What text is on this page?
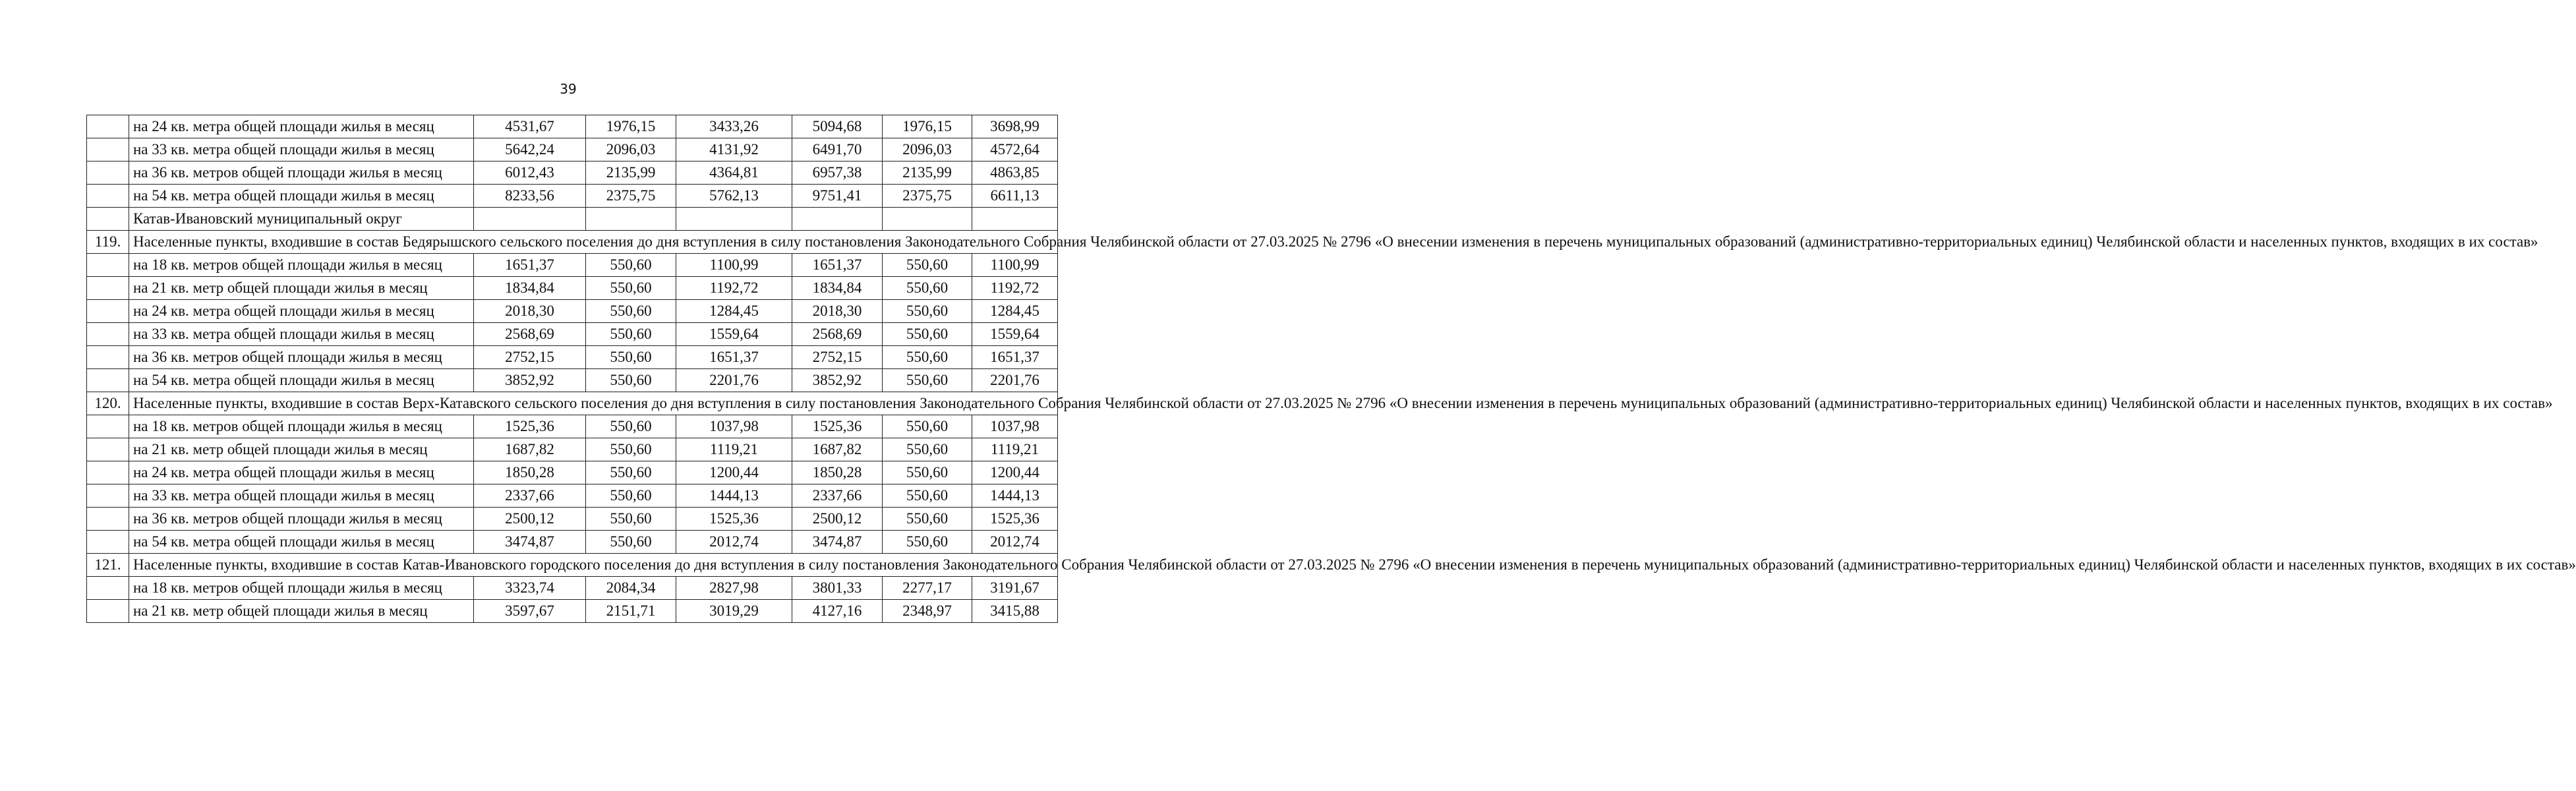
39
	на 24 кв. метра общей площади жилья в месяц	4531,67	1976,15	3433,26	5094,68	1976,15	3698,99
	на 33 кв. метра общей площади жилья в месяц	5642,24	2096,03	4131,92	6491,70	2096,03	4572,64
	на 36 кв. метров общей площади жилья в месяц	6012,43	2135,99	4364,81	6957,38	2135,99	4863,85
	на 54 кв. метра общей площади жилья в месяц	8233,56	2375,75	5762,13	9751,41	2375,75	6611,13
	Катав-Ивановский муниципальный округ						
119.	Населенные пункты, входившие в состав Бедярышского сельского поселения до дня вступления в силу постановления Законодательного Собрания Челябинской области от 27.03.2025 № 2796 «О внесении изменения в перечень муниципальных образований (административно-территориальных единиц) Челябинской области и населенных пунктов, входящих в их состав»						
	на 18 кв. метров общей площади жилья в месяц	1651,37	550,60	1100,99	1651,37	550,60	1100,99
	на 21 кв. метр общей площади жилья в месяц	1834,84	550,60	1192,72	1834,84	550,60	1192,72
	на 24 кв. метра общей площади жилья в месяц	2018,30	550,60	1284,45	2018,30	550,60	1284,45
	на 33 кв. метра общей площади жилья в месяц	2568,69	550,60	1559,64	2568,69	550,60	1559,64
	на 36 кв. метров общей площади жилья в месяц	2752,15	550,60	1651,37	2752,15	550,60	1651,37
	на 54 кв. метра общей площади жилья в месяц	3852,92	550,60	2201,76	3852,92	550,60	2201,76
120.	Населенные пункты, входившие в состав Верх-Катавского сельского поселения до дня вступления в силу постановления Законодательного Собрания Челябинской области от 27.03.2025 № 2796 «О внесении изменения в перечень муниципальных образований (административно-территориальных единиц) Челябинской области и населенных пунктов, входящих в их состав»						
	на 18 кв. метров общей площади жилья в месяц	1525,36	550,60	1037,98	1525,36	550,60	1037,98
	на 21 кв. метр общей площади жилья в месяц	1687,82	550,60	1119,21	1687,82	550,60	1119,21
	на 24 кв. метра общей площади жилья в месяц	1850,28	550,60	1200,44	1850,28	550,60	1200,44
	на 33 кв. метра общей площади жилья в месяц	2337,66	550,60	1444,13	2337,66	550,60	1444,13
	на 36 кв. метров общей площади жилья в месяц	2500,12	550,60	1525,36	2500,12	550,60	1525,36
	на 54 кв. метра общей площади жилья в месяц	3474,87	550,60	2012,74	3474,87	550,60	2012,74
121.	Населенные пункты, входившие в состав Катав-Ивановского городского поселения до дня вступления в силу постановления Законодательного Собрания Челябинской области от 27.03.2025 № 2796 «О внесении изменения в перечень муниципальных образований (административно-территориальных единиц) Челябинской области и населенных пунктов, входящих в их состав»						
	на 18 кв. метров общей площади жилья в месяц	3323,74	2084,34	2827,98	3801,33	2277,17	3191,67
	на 21 кв. метр общей площади жилья в месяц	3597,67	2151,71	3019,29	4127,16	2348,97	3415,88
